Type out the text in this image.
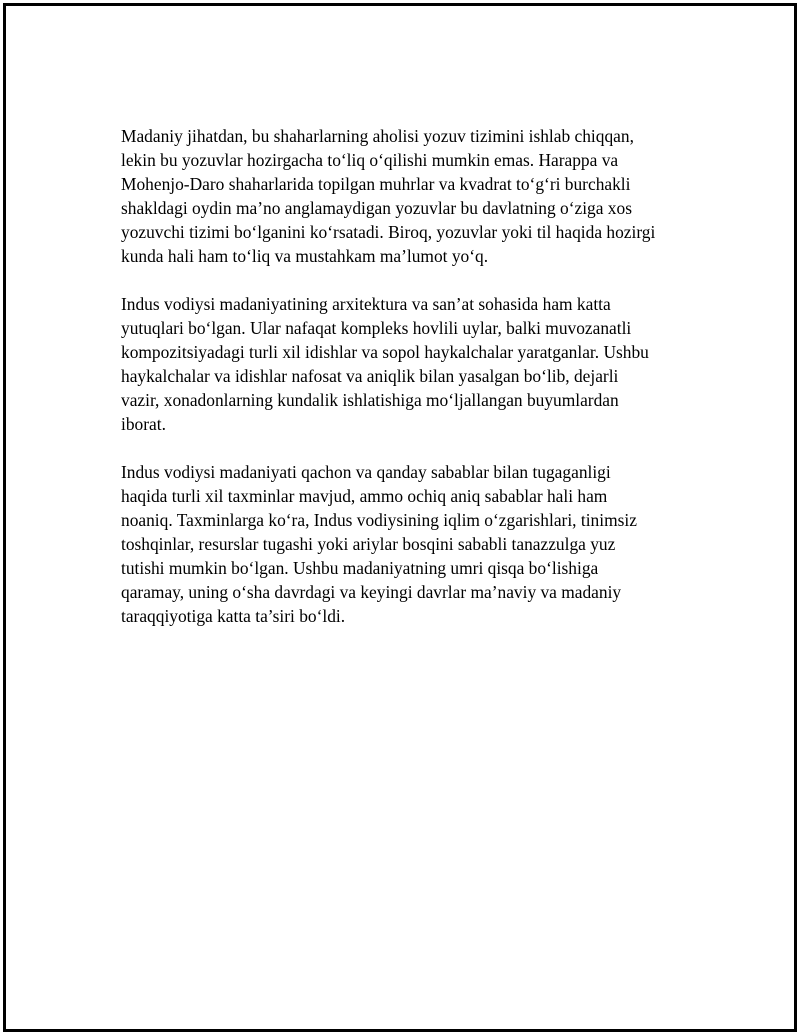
Madaniy jihatdan, bu shaharlarning aholisi yozuv tizimini ishlab chiqqan,
lekin bu yozuvlar hozirgacha to‘liq o‘qilishi mumkin emas. Harappa va
Mohenjo-Daro shaharlarida topilgan muhrlar va kvadrat to‘g‘ri burchakli
shakldagi oydin ma’no anglamaydigan yozuvlar bu davlatning o‘ziga xos
yozuvchi tizimi bo‘lganini ko‘rsatadi. Biroq, yozuvlar yoki til haqida hozirgi
kunda hali ham to‘liq va mustahkam ma’lumot yo‘q.

Indus vodiysi madaniyatining arxitektura va san’at sohasida ham katta
yutuqlari bo‘lgan. Ular nafaqat kompleks hovlili uylar, balki muvozanatli
kompozitsiyadagi turli xil idishlar va sopol haykalchalar yaratganlar. Ushbu
haykalchalar va idishlar nafosat va aniqlik bilan yasalgan bo‘lib, dejarli
vazir, xonadonlarning kundalik ishlatishiga mo‘ljallangan buyumlardan
iborat.

Indus vodiysi madaniyati qachon va qanday sabablar bilan tugaganligi
haqida turli xil taxminlar mavjud, ammo ochiq aniq sabablar hali ham
noaniq. Taxminlarga ko‘ra, Indus vodiysining iqlim o‘zgarishlari, tinimsiz
toshqinlar, resurslar tugashi yoki ariylar bosqini sababli tanazzulga yuz
tutishi mumkin bo‘lgan. Ushbu madaniyatning umri qisqa bo‘lishiga
qaramay, uning o‘sha davrdagi va keyingi davrlar ma’naviy va madaniy
taraqqiyotiga katta ta’siri bo‘ldi.
